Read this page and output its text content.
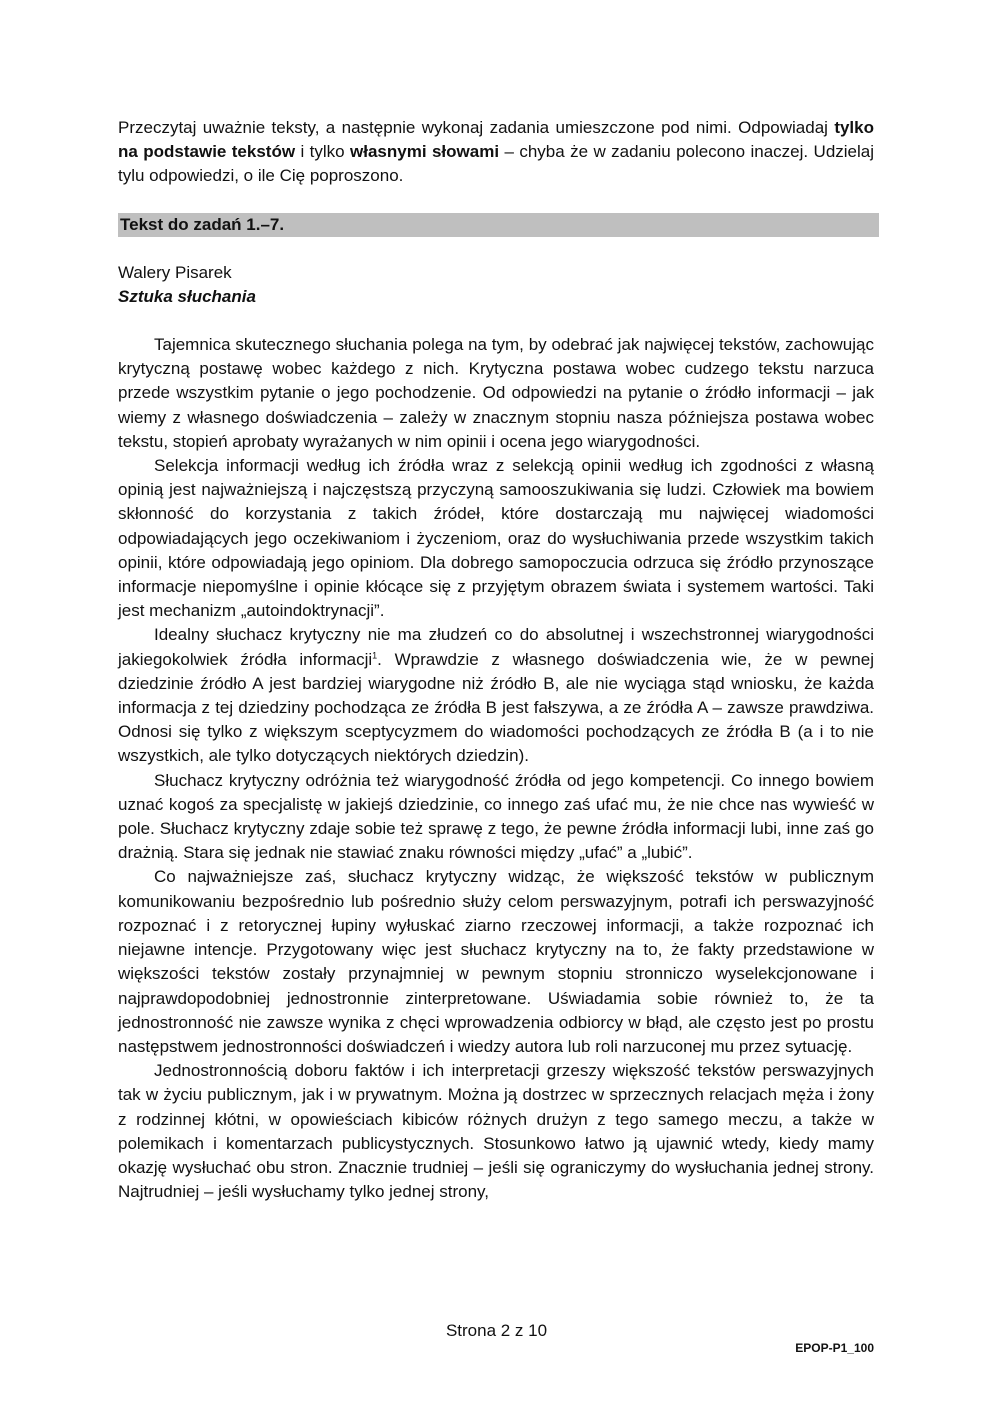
Przeczytaj uważnie teksty, a następnie wykonaj zadania umieszczone pod nimi. Odpowiadaj tylko na podstawie tekstów i tylko własnymi słowami – chyba że w zadaniu polecono inaczej. Udzielaj tylu odpowiedzi, o ile Cię poproszono.

Tekst do zadań 1.–7.
Walery Pisarek
Sztuka słuchania

Tajemnica skutecznego słuchania polega na tym, by odebrać jak najwięcej tekstów, zachowując krytyczną postawę wobec każdego z nich. Krytyczna postawa wobec cudzego tekstu narzuca przede wszystkim pytanie o jego pochodzenie. Od odpowiedzi na pytanie o źródło informacji – jak wiemy z własnego doświadczenia – zależy w znacznym stopniu nasza późniejsza postawa wobec tekstu, stopień aprobaty wyrażanych w nim opinii i ocena jego wiarygodności.

Selekcja informacji według ich źródła wraz z selekcją opinii według ich zgodności z własną opinią jest najważniejszą i najczęstszą przyczyną samooszukiwania się ludzi. Człowiek ma bowiem skłonność do korzystania z takich źródeł, które dostarczają mu najwięcej wiadomości odpowiadających jego oczekiwaniom i życzeniom, oraz do wysłuchiwania przede wszystkim takich opinii, które odpowiadają jego opiniom. Dla dobrego samopoczucia odrzuca się źródło przynoszące informacje niepomyślne i opinie kłócące się z przyjętym obrazem świata i systemem wartości. Taki jest mechanizm „autoindoktrynacji”.

Idealny słuchacz krytyczny nie ma złudzeń co do absolutnej i wszechstronnej wiarygodności jakiegokolwiek źródła informacji$^1$. Wprawdzie z własnego doświadczenia wie, że w pewnej dziedzinie źródło A jest bardziej wiarygodne niż źródło B, ale nie wyciąga stąd wniosku, że każda informacja z tej dziedziny pochodząca ze źródła B jest fałszywa, a ze źródła A – zawsze prawdziwa. Odnosi się tylko z większym sceptycyzmem do wiadomości pochodzących ze źródła B (a i to nie wszystkich, ale tylko dotyczących niektórych dziedzin).

Słuchacz krytyczny odróżnia też wiarygodność źródła od jego kompetencji. Co innego bowiem uznać kogoś za specjalistę w jakiejś dziedzinie, co innego zaś ufać mu, że nie chce nas wywieść w pole. Słuchacz krytyczny zdaje sobie też sprawę z tego, że pewne źródła informacji lubi, inne zaś go drażnią. Stara się jednak nie stawiać znaku równości między „ufać” a „lubić”.

Co najważniejsze zaś, słuchacz krytyczny widząc, że większość tekstów w publicznym komunikowaniu bezpośrednio lub pośrednio służy celom perswazyjnym, potrafi ich perswazyjność rozpoznać i z retorycznej łupiny wyłuskać ziarno rzeczowej informacji, a także rozpoznać ich niejawne intencje. Przygotowany więc jest słuchacz krytyczny na to, że fakty przedstawione w większości tekstów zostały przynajmniej w pewnym stopniu stronniczo wyselekcjonowane i najprawdopodobniej jednostronnie zinterpretowane. Uświadamia sobie również to, że ta jednostronność nie zawsze wynika z chęci wprowadzenia odbiorcy w błąd, ale często jest po prostu następstwem jednostronności doświadczeń i wiedzy autora lub roli narzuconej mu przez sytuację.

Jednostronnością doboru faktów i ich interpretacji grzeszy większość tekstów perswazyjnych tak w życiu publicznym, jak i w prywatnym. Można ją dostrzec w sprzecznych relacjach męża i żony z rodzinnej kłótni, w opowieściach kibiców różnych drużyn z tego samego meczu, a także w polemikach i komentarzach publicystycznych. Stosunkowo łatwo ją ujawnić wtedy, kiedy mamy okazję wysłuchać obu stron. Znacznie trudniej – jeśli się ograniczymy do wysłuchania jednej strony. Najtrudniej – jeśli wysłuchamy tylko jednej strony,

Strona 2 z 10
EPOP-P1_100
